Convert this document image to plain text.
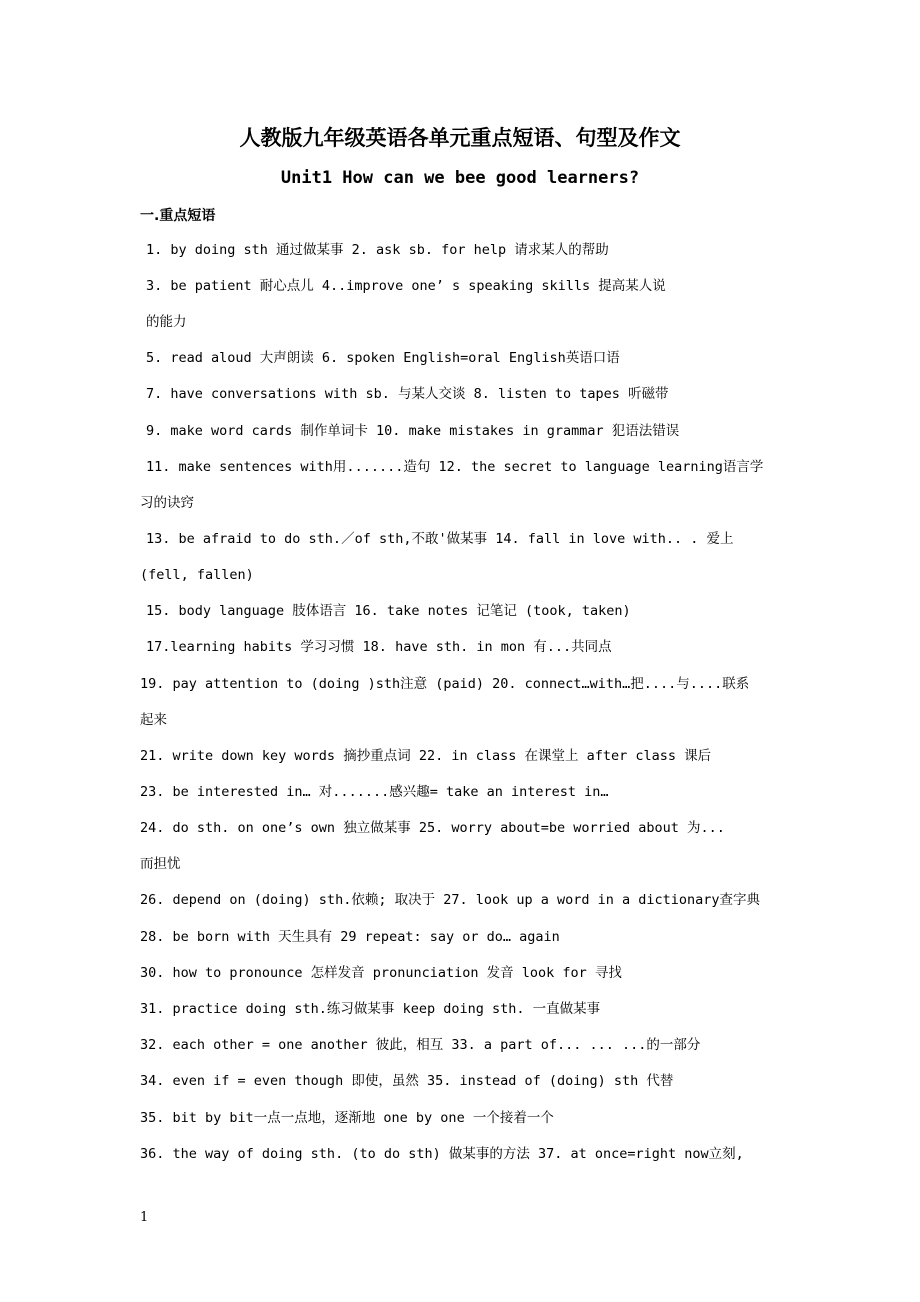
人教版九年级英语各单元重点短语、句型及作文
Unit1 How can we bee good learners?
一.重点短语
1. by doing sth 通过做某事 2. ask sb. for help 请求某人的帮助
3. be patient 耐心点儿 4..improve one’ s speaking skills 提高某人说
的能力
5. read aloud 大声朗读 6. spoken English=oral English英语口语
7. have conversations with sb. 与某人交谈 8. listen to tapes 听磁带
9. make word cards 制作单词卡 10. make mistakes in grammar 犯语法错误
11. make sentences with用.......造句 12. the secret to language learning语言学
习的诀窍
13. be afraid to do sth.／of sth,不敢'做某事 14. fall in love with.. . 爱上
(fell, fallen)
15. body language 肢体语言 16. take notes 记笔记 (took, taken)
17.learning habits 学习习惯 18. have sth. in mon 有...共同点
19. pay attention to (doing )sth注意 (paid) 20. connect…with…把....与....联系
起来
21. write down key words 摘抄重点词 22. in class 在课堂上 after class 课后
23. be interested in… 对.......感兴趣= take an interest in…
24. do sth. on one’s own 独立做某事 25. worry about=be worried about 为...
而担忧
26. depend on (doing) sth.依赖; 取决于 27. look up a word in a dictionary查字典
28. be born with 天生具有 29 repeat: say or do… again
30. how to pronounce 怎样发音 pronunciation 发音 look for 寻找
31. practice doing sth.练习做某事 keep doing sth. 一直做某事
32. each other = one another 彼此，相互 33. a part of... ... ...的一部分
34. even if = even though 即使，虽然 35. instead of (doing) sth 代替
35. bit by bit一点一点地，逐渐地 one by one 一个接着一个
36. the way of doing sth. (to do sth) 做某事的方法 37. at once=right now立刻,
1
